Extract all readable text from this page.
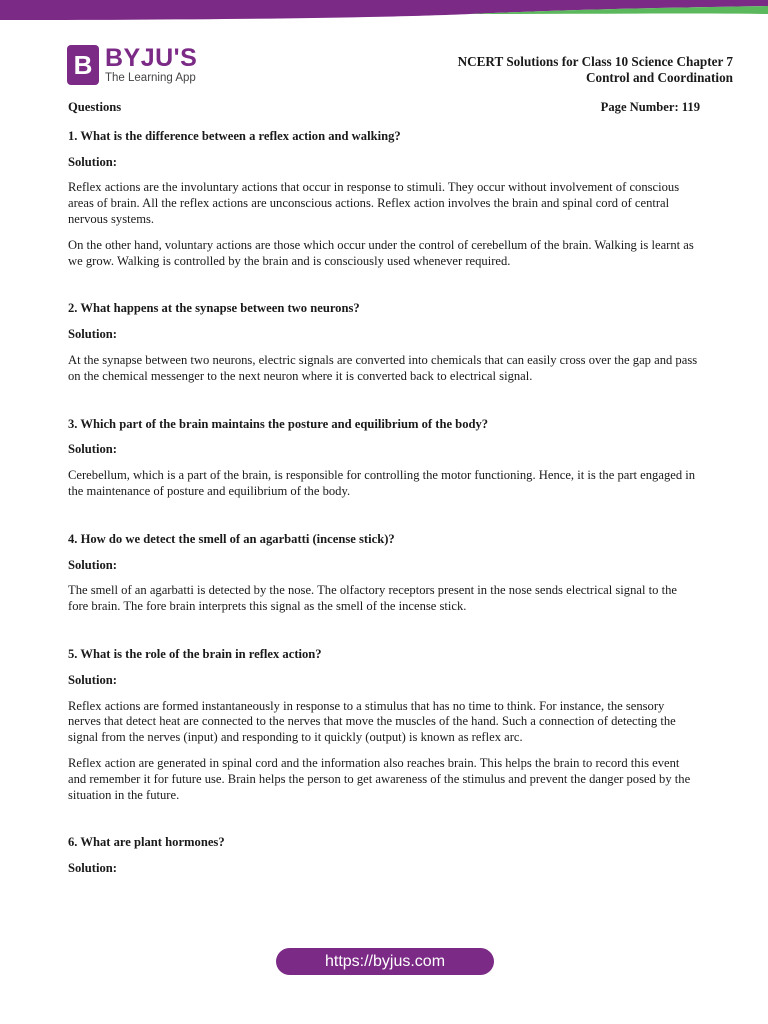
B BYJU'S
The Learning App
NCERT Solutions for Class 10 Science Chapter 7
Control and Coordination
Questions	Page Number: 119

1. What is the difference between a reflex action and walking?

Solution:

Reflex actions are the involuntary actions that occur in response to stimuli. They occur without involvement of conscious areas of brain. All the reflex actions are unconscious actions. Reflex action involves the brain and spinal cord of central nervous systems.

On the other hand, voluntary actions are those which occur under the control of cerebellum of the brain. Walking is learnt as we grow. Walking is controlled by the brain and is consciously used whenever required.

2. What happens at the synapse between two neurons?

Solution:

At the synapse between two neurons, electric signals are converted into chemicals that can easily cross over the gap and pass on the chemical messenger to the next neuron where it is converted back to electrical signal.

3. Which part of the brain maintains the posture and equilibrium of the body?

Solution:

Cerebellum, which is a part of the brain, is responsible for controlling the motor functioning. Hence, it is the part engaged in the maintenance of posture and equilibrium of the body.

4. How do we detect the smell of an agarbatti (incense stick)?

Solution:

The smell of an agarbatti is detected by the nose. The olfactory receptors present in the nose sends electrical signal to the fore brain. The fore brain interprets this signal as the smell of the incense stick.

5. What is the role of the brain in reflex action?

Solution:

Reflex actions are formed instantaneously in response to a stimulus that has no time to think. For instance, the sensory nerves that detect heat are connected to the nerves that move the muscles of the hand. Such a connection of detecting the signal from the nerves (input) and responding to it quickly (output) is known as reflex arc.

Reflex action are generated in spinal cord and the information also reaches brain. This helps the brain to record this event and remember it for future use. Brain helps the person to get awareness of the stimulus and prevent the danger posed by the situation in the future.

6. What are plant hormones?

Solution:

https://byjus.com
